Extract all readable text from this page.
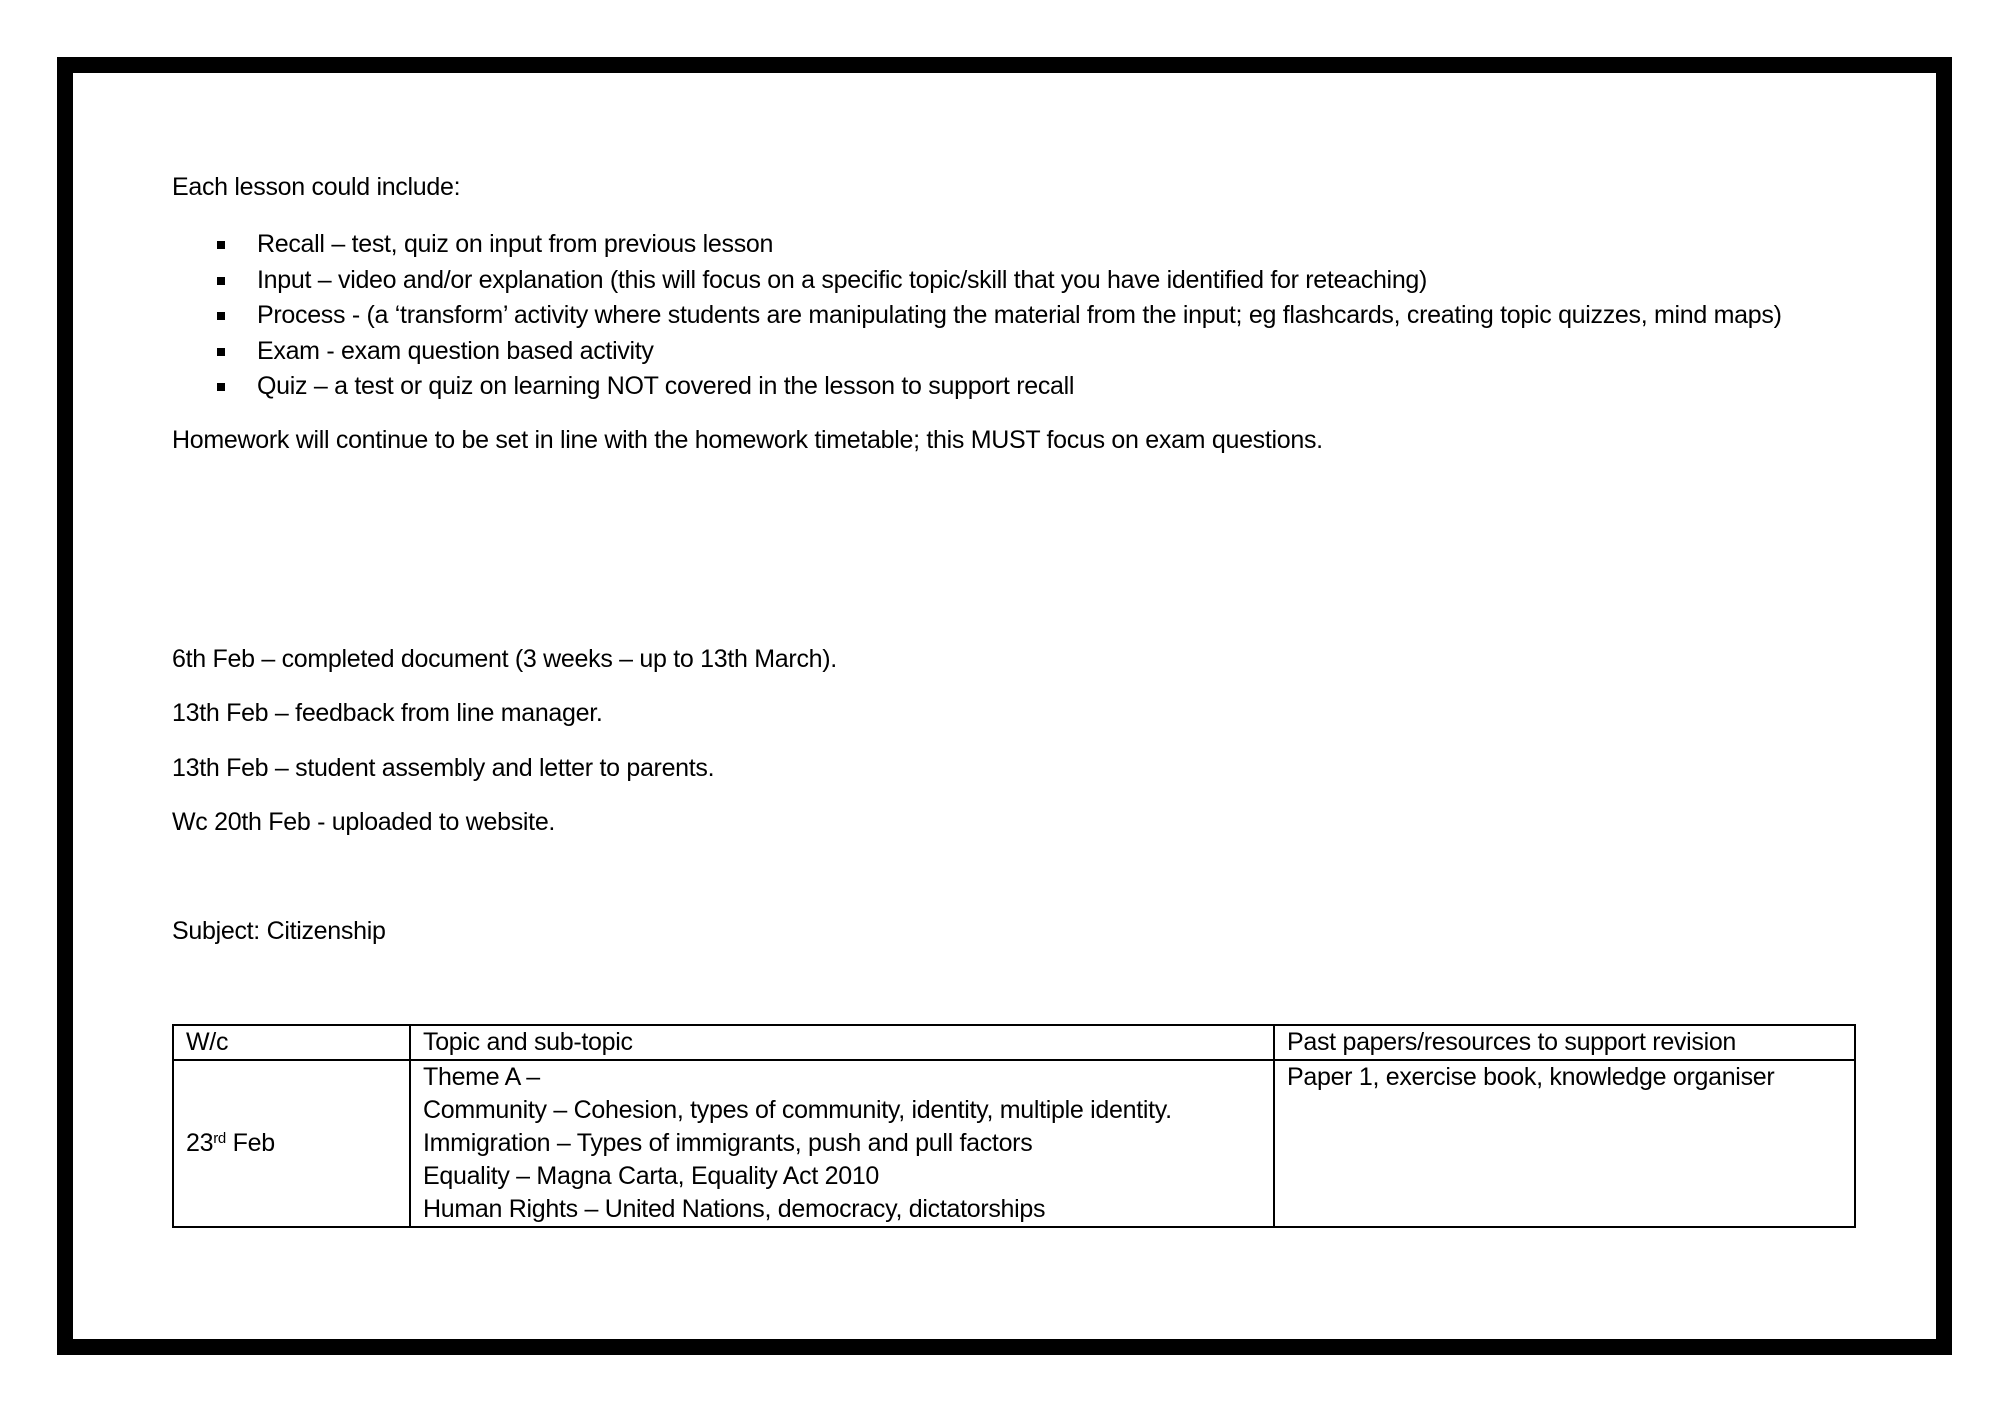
Each lesson could include:

Recall – test, quiz on input from previous lesson
Input – video and/or explanation (this will focus on a specific topic/skill that you have identified for reteaching)
Process - (a ‘transform’ activity where students are manipulating the material from the input; eg flashcards, creating topic quizzes, mind maps)
Exam - exam question based activity
Quiz – a test or quiz on learning NOT covered in the lesson to support recall

Homework will continue to be set in line with the homework timetable; this MUST focus on exam questions.

6th Feb – completed document (3 weeks – up to 13th March).

13th Feb – feedback from line manager.

13th Feb – student assembly and letter to parents.

Wc 20th Feb - uploaded to website.

Subject: Citizenship

W/c	Topic and sub-topic	Past papers/resources to support revision
23rd Feb	Theme A –
Community – Cohesion, types of community, identity, multiple identity.
Immigration – Types of immigrants, push and pull factors
Equality – Magna Carta, Equality Act 2010
Human Rights – United Nations, democracy, dictatorships	Paper 1, exercise book, knowledge organiser
